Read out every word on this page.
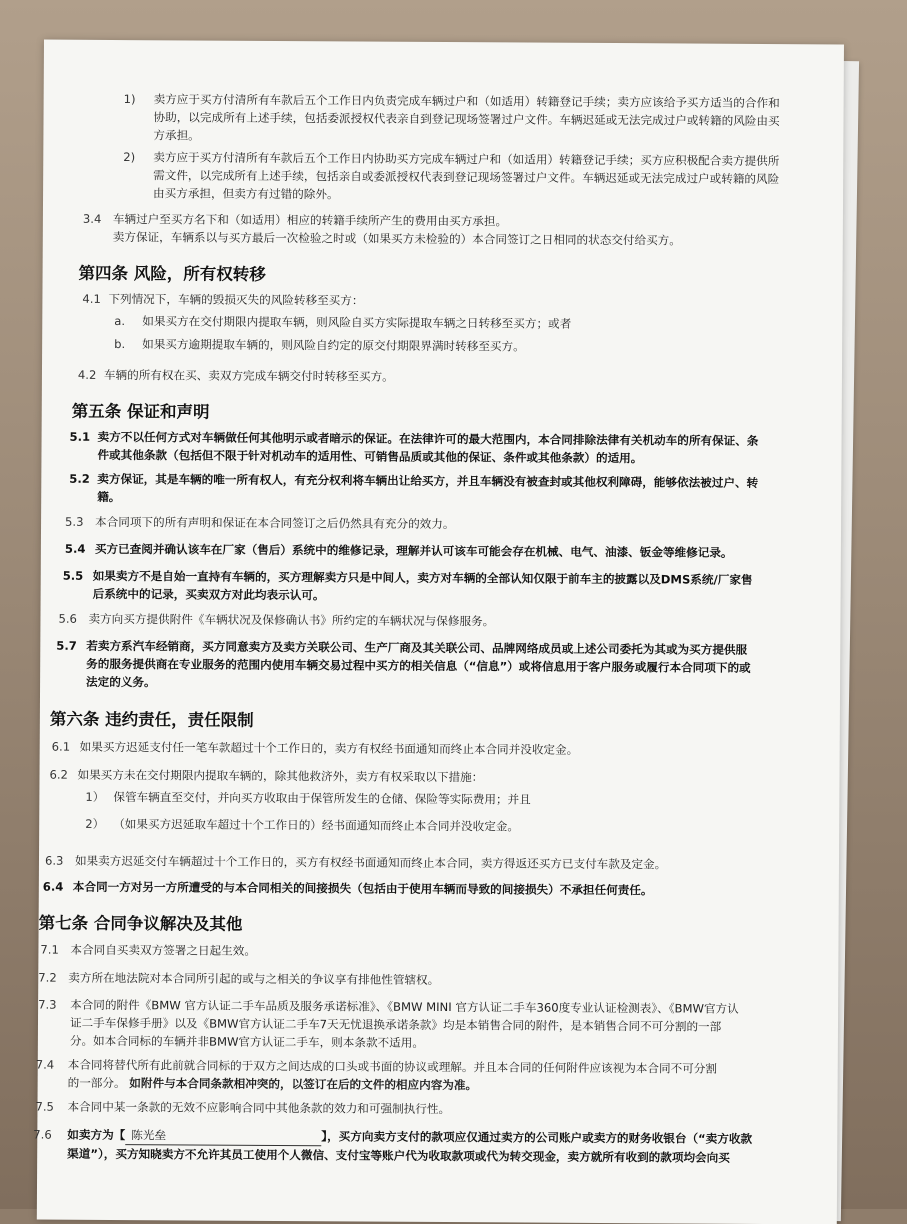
1) 卖方应于买方付清所有车款后五个工作日内负责完成车辆过户和（如适用）转籍登记手续；卖方应该给予买方适当的合作和
协助，以完成所有上述手续，包括委派授权代表亲自到登记现场签署过户文件。车辆迟延或无法完成过户或转籍的风险由买
方承担。
2) 卖方应于买方付清所有车款后五个工作日内协助买方完成车辆过户和（如适用）转籍登记手续；买方应积极配合卖方提供所
需文件，以完成所有上述手续，包括亲自或委派授权代表到登记现场签署过户文件。车辆迟延或无法完成过户或转籍的风险
由买方承担，但卖方有过错的除外。
3.4 车辆过户至买方名下和（如适用）相应的转籍手续所产生的费用由买方承担。
卖方保证，车辆系以与买方最后一次检验之时或（如果买方未检验的）本合同签订之日相同的状态交付给买方。
第四条 风险，所有权转移
4.1 下列情况下，车辆的毁损灭失的风险转移至买方：
a. 如果买方在交付期限内提取车辆，则风险自买方实际提取车辆之日转移至买方；或者
b. 如果买方逾期提取车辆的，则风险自约定的原交付期限界满时转移至买方。
4.2 车辆的所有权在买、卖双方完成车辆交付时转移至买方。
第五条 保证和声明
5.1 卖方不以任何方式对车辆做任何其他明示或者暗示的保证。在法律许可的最大范围内，本合同排除法律有关机动车的所有保证、条
件或其他条款（包括但不限于针对机动车的适用性、可销售品质或其他的保证、条件或其他条款）的适用。
5.2 卖方保证，其是车辆的唯一所有权人，有充分权利将车辆出让给买方，并且车辆没有被查封或其他权利障碍，能够依法被过户、转
籍。
5.3 本合同项下的所有声明和保证在本合同签订之后仍然具有充分的效力。
5.4 买方已查阅并确认该车在厂家（售后）系统中的维修记录，理解并认可该车可能会存在机械、电气、油漆、钣金等维修记录。
5.5 如果卖方不是自始一直持有车辆的，买方理解卖方只是中间人，卖方对车辆的全部认知仅限于前车主的披露以及DMS系统/厂家售
后系统中的记录，买卖双方对此均表示认可。
5.6 卖方向买方提供附件《车辆状况及保修确认书》所约定的车辆状况与保修服务。
5.7 若卖方系汽车经销商，买方同意卖方及卖方关联公司、生产厂商及其关联公司、品牌网络成员或上述公司委托为其或为买方提供服
务的服务提供商在专业服务的范围内使用车辆交易过程中买方的相关信息（“信息”）或将信息用于客户服务或履行本合同项下的或
法定的义务。
第六条 违约责任，责任限制
6.1 如果买方迟延支付任一笔车款超过十个工作日的，卖方有权经书面通知而终止本合同并没收定金。
6.2 如果买方未在交付期限内提取车辆的，除其他救济外，卖方有权采取以下措施：
1） 保管车辆直至交付，并向买方收取由于保管所发生的仓储、保险等实际费用；并且
2） （如果买方迟延取车超过十个工作日的）经书面通知而终止本合同并没收定金。
6.3 如果卖方迟延交付车辆超过十个工作日的，买方有权经书面通知而终止本合同，卖方得返还买方已支付车款及定金。
6.4 本合同一方对另一方所遭受的与本合同相关的间接损失（包括由于使用车辆而导致的间接损失）不承担任何责任。
第七条 合同争议解决及其他
7.1 本合同自买卖双方签署之日起生效。
7.2 卖方所在地法院对本合同所引起的或与之相关的争议享有排他性管辖权。
7.3 本合同的附件《BMW 官方认证二手车品质及服务承诺标准》、《BMW MINI 官方认证二手车360度专业认证检测表》、《BMW官方认
证二手车保修手册》以及《BMW官方认证二手车7天无忧退换承诺条款》均是本销售合同的附件，是本销售合同不可分割的一部
分。如本合同标的车辆并非BMW官方认证二手车，则本条款不适用。
7.4 本合同将替代所有此前就合同标的于双方之间达成的口头或书面的协议或理解。并且本合同的任何附件应该视为本合同不可分割
的一部分。 如附件与本合同条款相冲突的，以签订在后的文件的相应内容为准。
7.5 本合同中某一条款的无效不应影响合同中其他条款的效力和可强制执行性。
7.6 如卖方为【 陈光垒	】，买方向卖方支付的款项应仅通过卖方的公司账户或卖方的财务收银台（“卖方收款
渠道”），买方知晓卖方不允许其员工使用个人微信、支付宝等账户代为收取款项或代为转交现金，卖方就所有收到的款项均会向买
